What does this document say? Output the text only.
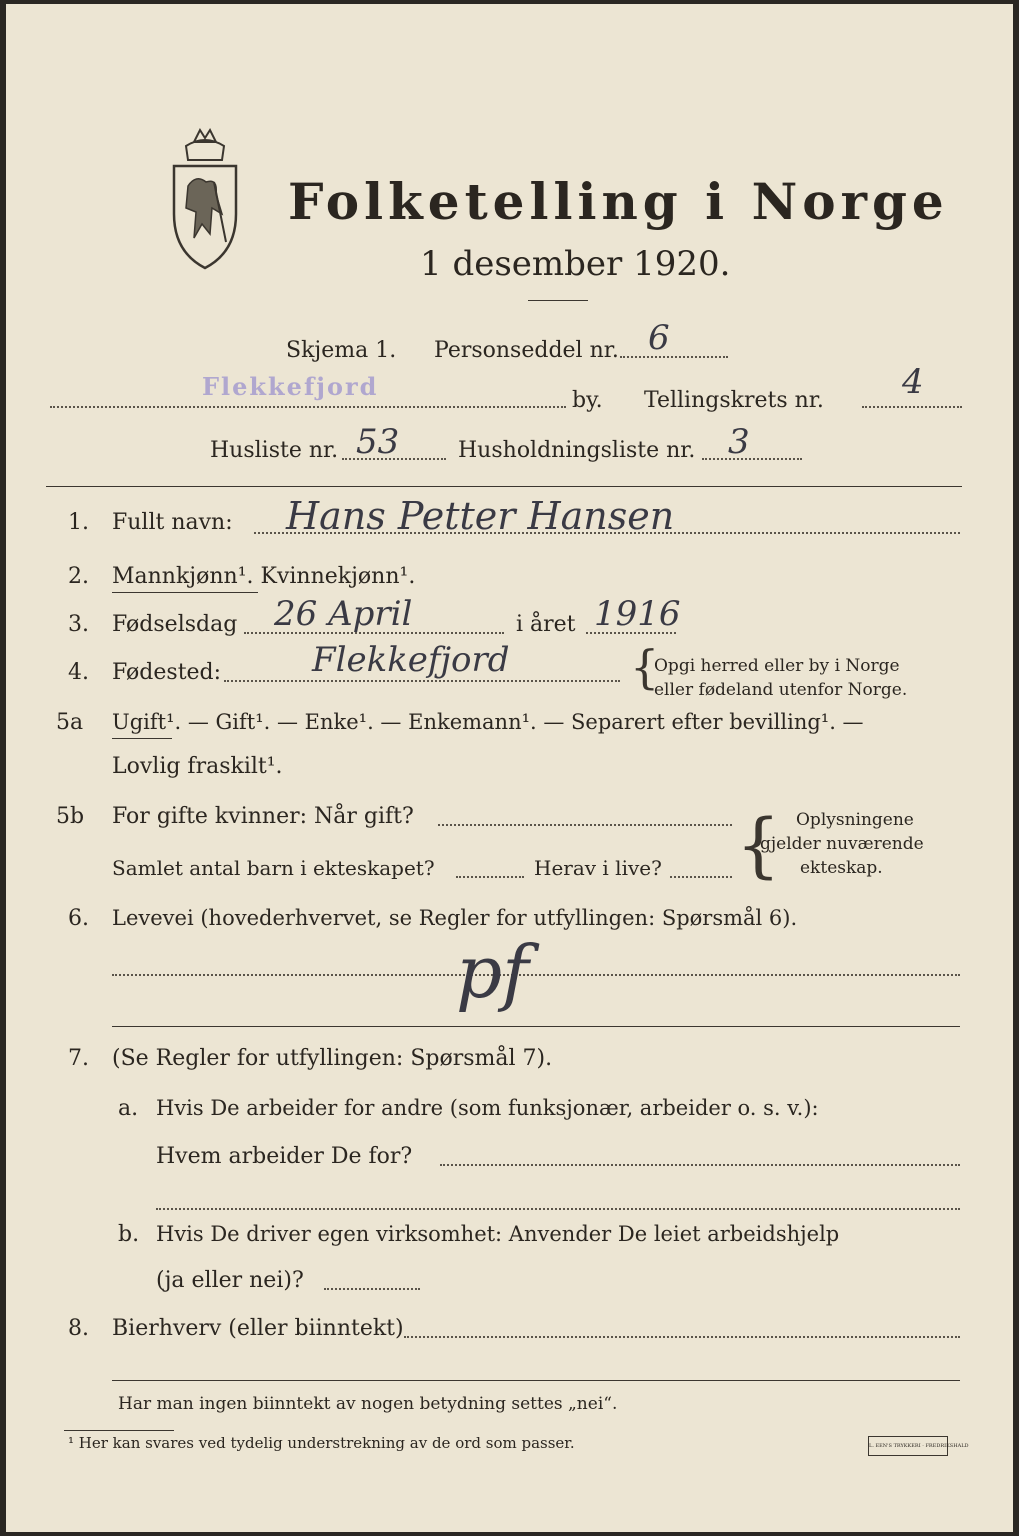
Folketelling i Norge
1 desember 1920.
Skjema 1. Personseddel nr. 6
Flekkefjord	by. Tellingskrets nr. 4
Husliste nr. 53	Husholdningsliste nr. 3
1. Fullt navn: Hans Petter Hansen
2. Mannkjønn¹. Kvinnekjønn¹.
3. Fødselsdag 26 April	i året 1916
4. Fødested:	Flekkefjord	{
Opgi herred eller by i Norge
eller fødeland utenfor Norge.
5a Ugift¹. — Gift¹. — Enke¹. — Enkemann¹. — Separert efter bevilling¹. —
Lovlig fraskilt¹.
5b For gifte kvinner: Når gift?
Samlet antal barn i ekteskapet?	Herav i live? { Oplysningene
gjelder nuværende
ekteskap.
6. Levevei (hovederhvervet, se Regler for utfyllingen: Spørsmål 6).
pf
7. (Se Regler for utfyllingen: Spørsmål 7).
a. Hvis De arbeider for andre (som funksjonær, arbeider o. s. v.):
Hvem arbeider De for?
b. Hvis De driver egen virksomhet: Anvender De leiet arbeidshjelp
(ja eller nei)?
8. Bierhverv (eller biinntekt)
Har man ingen biinntekt av nogen betydning settes „nei“.
¹ Her kan svares ved tydelig understrekning av de ord som passer.	L. EEN'S TRYKKERI · FREDRIKSHALD
